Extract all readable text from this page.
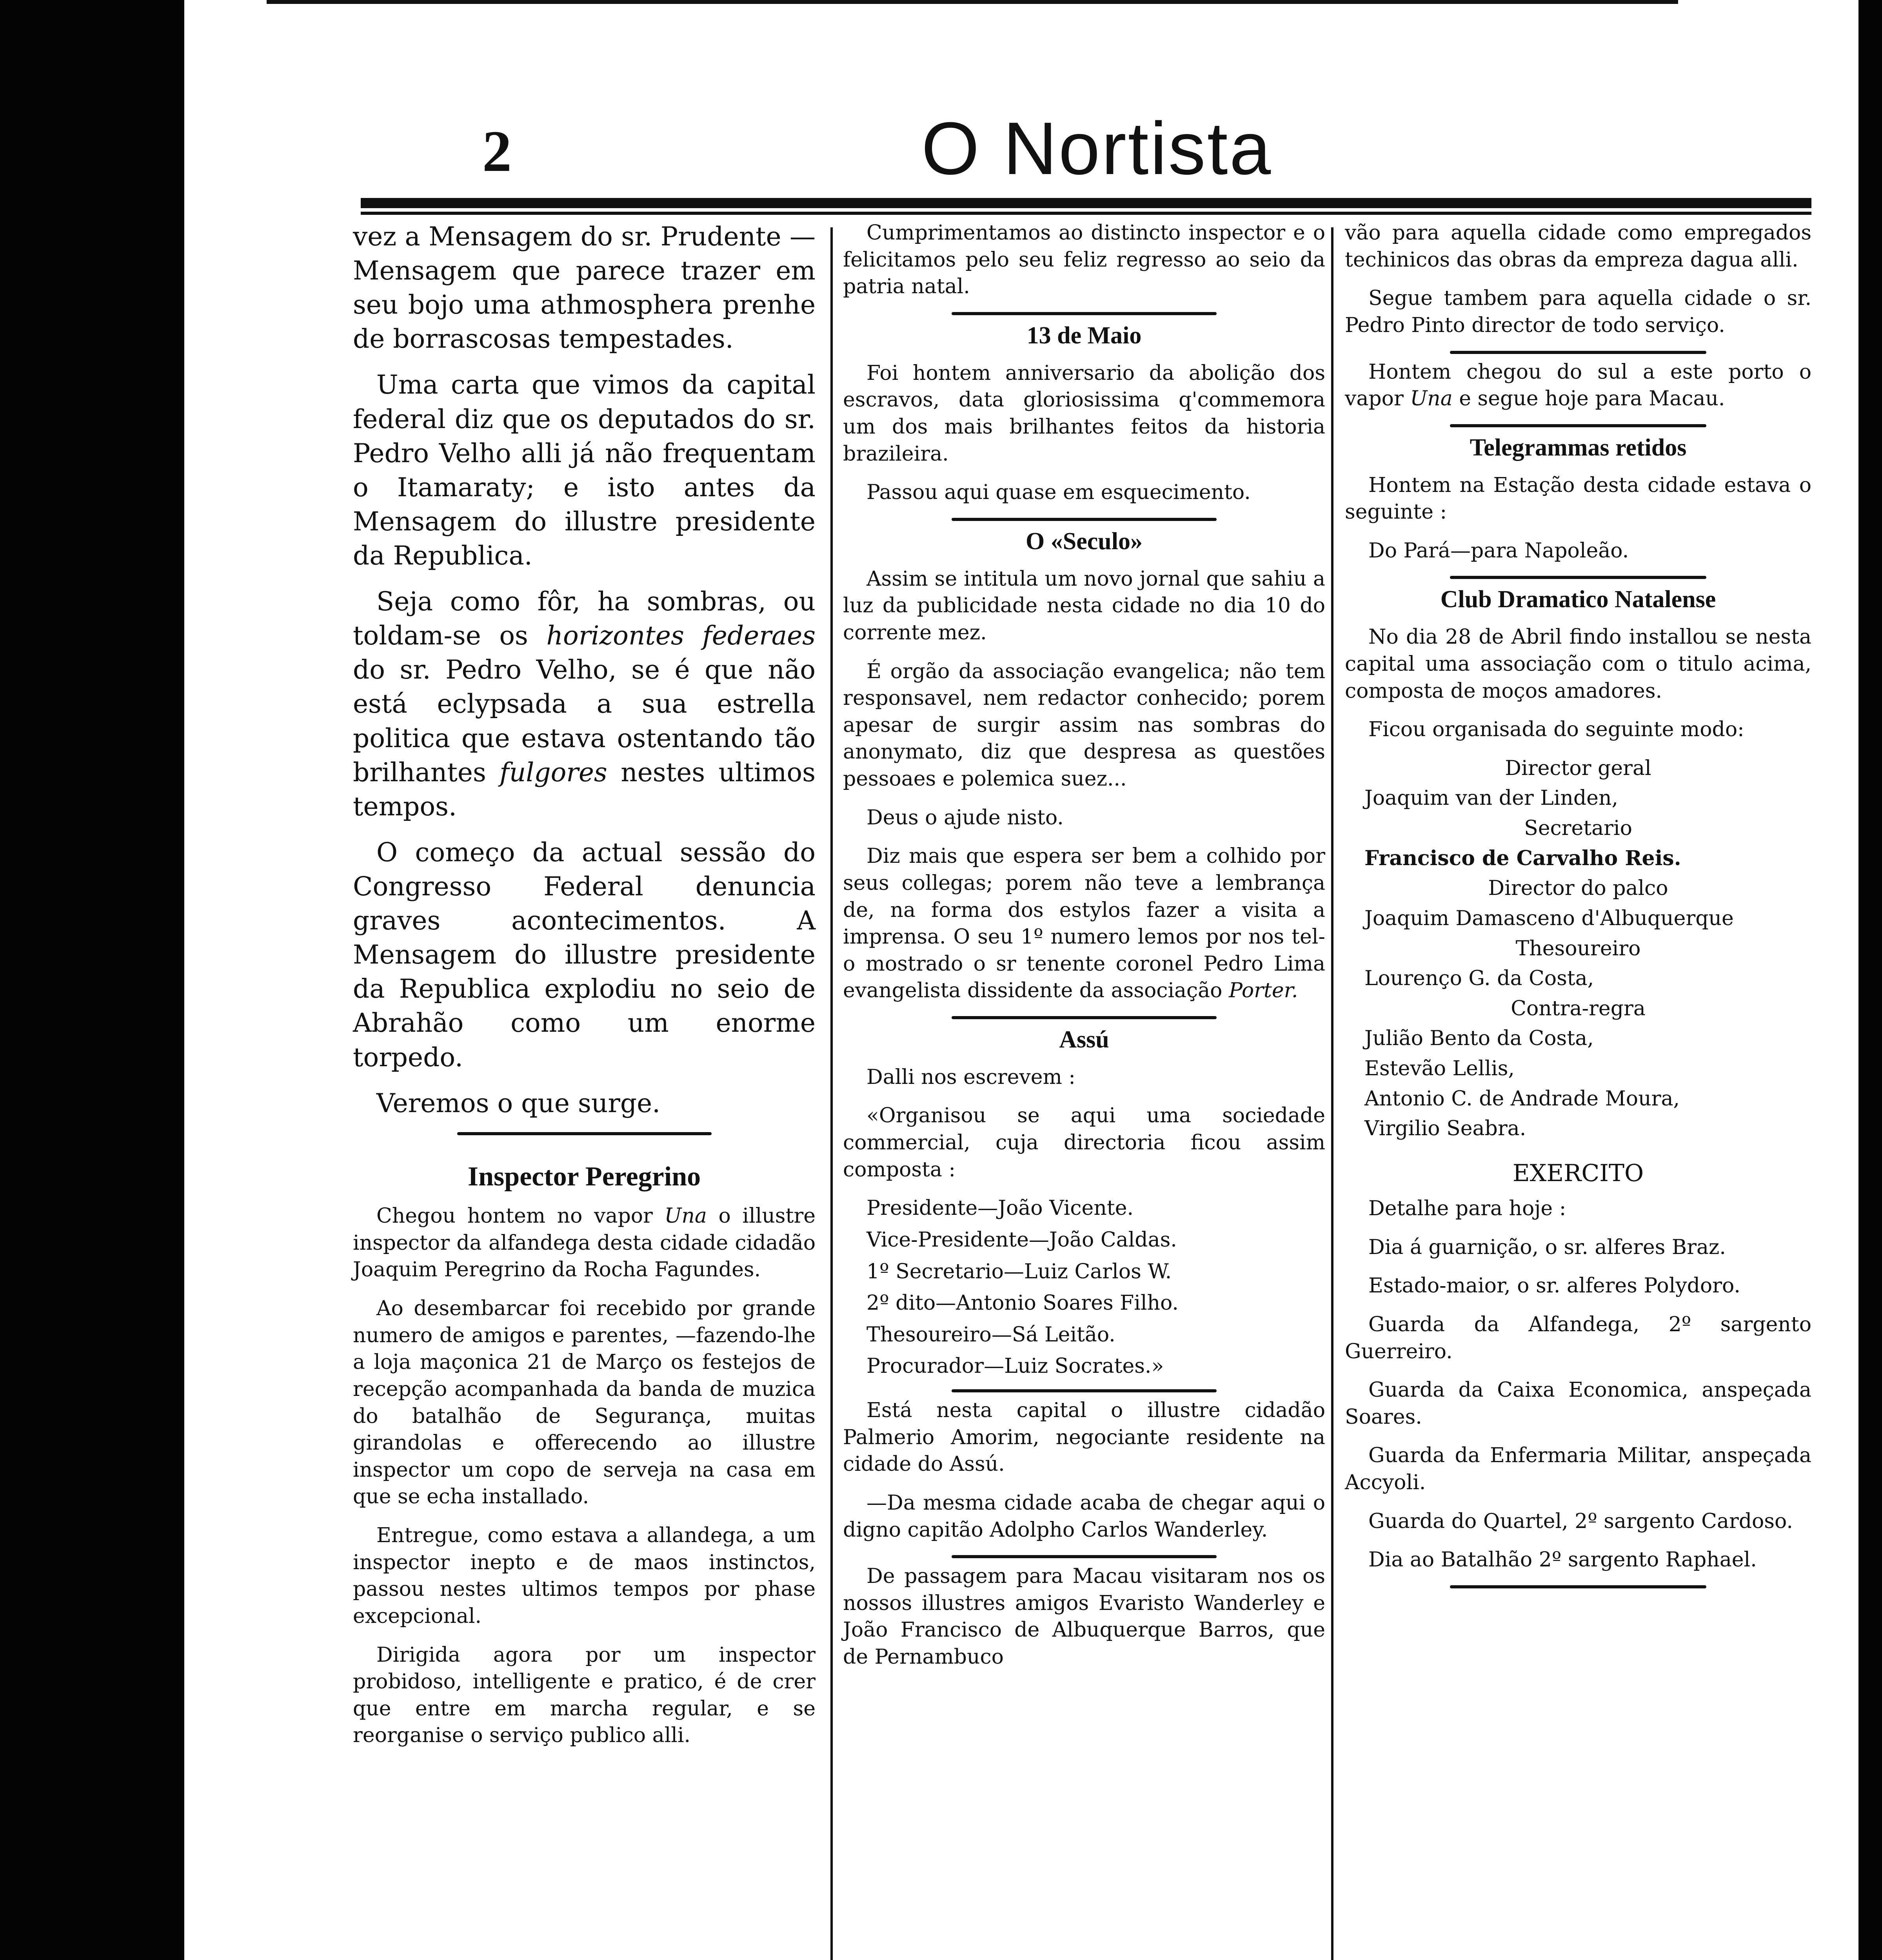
2	O Nortista

vez a Mensagem do sr. Prudente —Mensagem que parece trazer em seu bojo uma athmosphera prenhe de borrascosas tempestades.

Uma carta que vimos da capital federal diz que os deputados do sr. Pedro Velho alli já não frequentam o Itamaraty; e isto antes da Mensagem do illustre presidente da Republica.

Seja como fôr, ha sombras, ou toldam-se os horizontes federaes do sr. Pedro Velho, se é que não está eclypsada a sua estrella politica que estava ostentando tão brilhantes fulgores nestes ultimos tempos.

O começo da actual sessão do Congresso Federal denuncia graves acontecimentos. A Mensagem do illustre presidente da Republica explodiu no seio de Abrahão como um enorme torpedo.

Veremos o que surge.

Inspector Peregrino

Chegou hontem no vapor Una o illustre inspector da alfandega desta cidade cidadão Joaquim Peregrino da Rocha Fagundes.

Ao desembarcar foi recebido por grande numero de amigos e parentes, —fazendo-lhe a loja maçonica 21 de Março os festejos de recepção acompanhada da banda de muzica do batalhão de Segurança, muitas girandolas e offerecendo ao illustre inspector um copo de serveja na casa em que se echa installado.

Entregue, como estava a allandega, a um inspector inepto e de maos instinctos, passou nestes ultimos tempos por phase excepcional.

Dirigida agora por um inspector probidoso, intelligente e pratico, é de crer que entre em marcha regular, e se reorganise o serviço publico alli.

Cumprimentamos ao distincto inspector e o felicitamos pelo seu feliz regresso ao seio da patria natal.

13 de Maio

Foi hontem anniversario da abolição dos escravos, data gloriosissima q'commemora um dos mais brilhantes feitos da historia brazileira.

Passou aqui quase em esquecimento.

O «Seculo»

Assim se intitula um novo jornal que sahiu a luz da publicidade nesta cidade no dia 10 do corrente mez.

É orgão da associação evangelica; não tem responsavel, nem redactor conhecido; porem apesar de surgir assim nas sombras do anonymato, diz que despresa as questões pessoaes e polemica suez...

Deus o ajude nisto.

Diz mais que espera ser bem a colhido por seus collegas; porem não teve a lembrança de, na forma dos estylos fazer a visita a imprensa. O seu 1º numero lemos por nos tel-o mostrado o sr tenente coronel Pedro Lima evangelista dissidente da associação Porter.

Assú

Dalli nos escrevem :

«Organisou se aqui uma sociedade commercial, cuja directoria ficou assim composta :

Presidente—João Vicente.
Vice-Presidente—João Caldas.
1º Secretario—Luiz Carlos W.
2º dito—Antonio Soares Filho.
Thesoureiro—Sá Leitão.
Procurador—Luiz Socrates.»

Está nesta capital o illustre cidadão Palmerio Amorim, negociante residente na cidade do Assú.

—Da mesma cidade acaba de chegar aqui o digno capitão Adolpho Carlos Wanderley.

De passagem para Macau visitaram nos os nossos illustres amigos Evaristo Wanderley e João Francisco de Albuquerque Barros, que de Pernambuco

vão para aquella cidade como empregados techinicos das obras da empreza dagua alli.

Segue tambem para aquella cidade o sr. Pedro Pinto director de todo serviço.

Hontem chegou do sul a este porto o vapor Una e segue hoje para Macau.

Telegrammas retidos

Hontem na Estação desta cidade estava o seguinte :

Do Pará—para Napoleão.

Club Dramatico Natalense

No dia 28 de Abril findo installou se nesta capital uma associação com o titulo acima, composta de moços amadores.

Ficou organisada do seguinte modo:

Director geral
Joaquim van der Linden,
Secretario
Francisco de Carvalho Reis.
Director do palco
Joaquim Damasceno d'Albuquerque
Thesoureiro
Lourenço G. da Costa,
Contra-regra
Julião Bento da Costa,
Estevão Lellis,
Antonio C. de Andrade Moura,
Virgilio Seabra.
EXERCITO

Detalhe para hoje :

Dia á guarnição, o sr. alferes Braz.

Estado-maior, o sr. alferes Polydoro.

Guarda da Alfandega, 2º sargento Guerreiro.

Guarda da Caixa Economica, anspeçada Soares.

Guarda da Enfermaria Militar, anspeçada Accyoli.

Guarda do Quartel, 2º sargento Cardoso.

Dia ao Batalhão 2º sargento Raphael.
